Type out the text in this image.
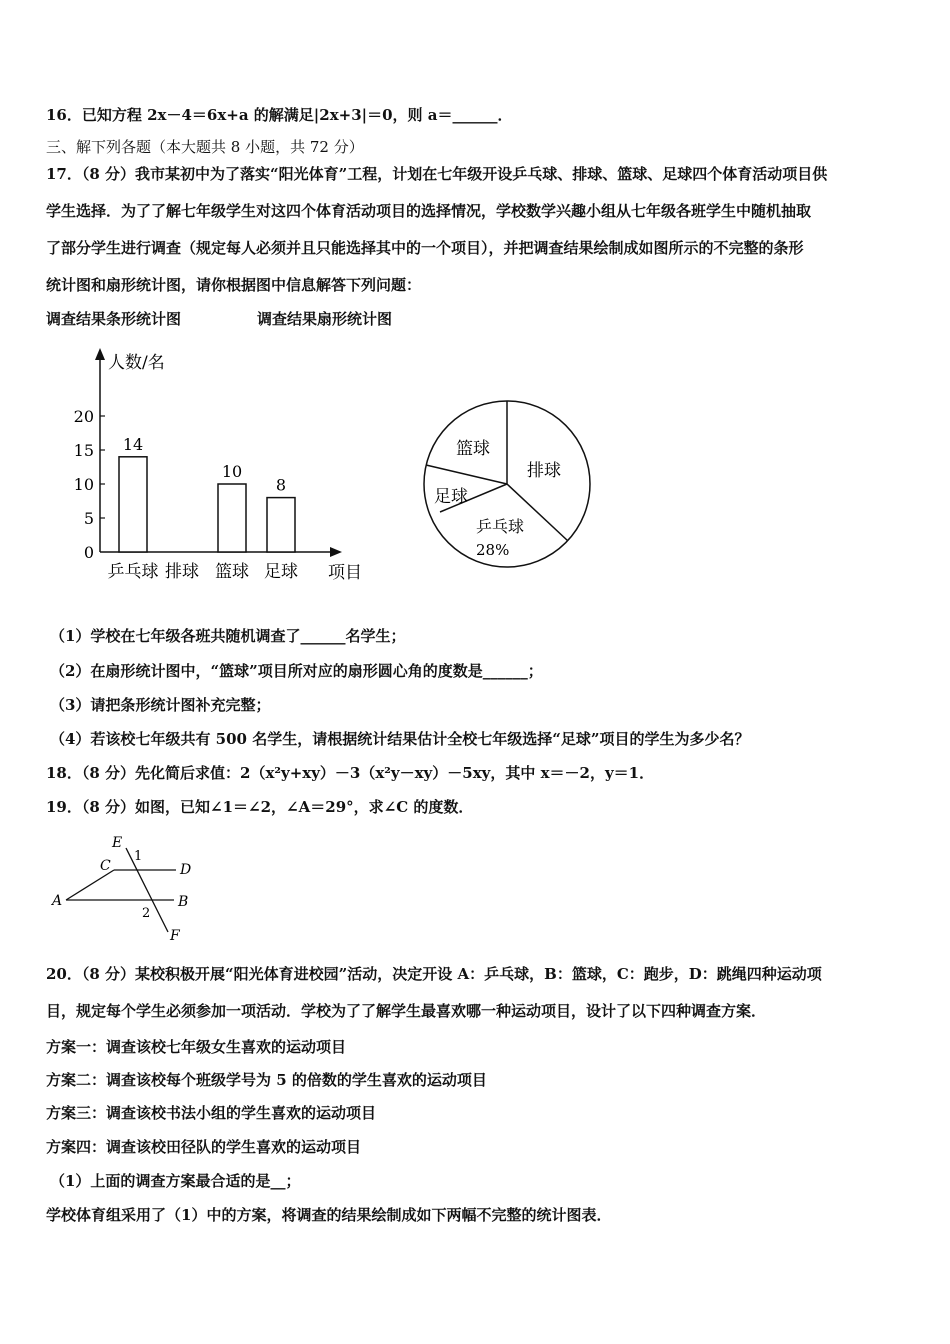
16．已知方程 2x－4＝6x+a 的解满足|2x+3|＝0，则 a＝______．
三、解下列各题（本大题共 8 小题，共 72 分）
17．（8 分）我市某初中为了落实“阳光体育”工程，计划在七年级开设乒乓球、排球、篮球、足球四个体育活动项目供
学生选择．为了了解七年级学生对这四个体育活动项目的选择情况，学校数学兴趣小组从七年级各班学生中随机抽取
了部分学生进行调查（规定每人必须并且只能选择其中的一个项目），并把调查结果绘制成如图所示的不完整的条形
统计图和扇形统计图，请你根据图中信息解答下列问题：
调查结果条形统计图	调查结果扇形统计图
人数/名
项目
0
5
10
15
20
14
乒乓球 排球
10
篮球
8
足球
排球
乒乓球
28%
足球
篮球
（1）学校在七年级各班共随机调查了______名学生；
（2）在扇形统计图中，“篮球”项目所对应的扇形圆心角的度数是______；
（3）请把条形统计图补充完整；
（4）若该校七年级共有 500 名学生，请根据统计结果估计全校七年级选择“足球”项目的学生为多少名？
18．（8 分）先化简后求值：2（x²y+xy）－3（x²y－xy）－5xy，其中 x＝－2，y＝1．
19．（8 分）如图，已知∠1＝∠2，∠A＝29°，求∠C 的度数．
E
C
1
D
A
2
B
F
20．（8 分）某校积极开展“阳光体育进校园”活动，决定开设 A：乒乓球，B：篮球，C：跑步，D：跳绳四种运动项
目，规定每个学生必须参加一项活动．学校为了了解学生最喜欢哪一种运动项目，设计了以下四种调查方案．
方案一：调查该校七年级女生喜欢的运动项目
方案二：调查该校每个班级学号为 5 的倍数的学生喜欢的运动项目
方案三：调查该校书法小组的学生喜欢的运动项目
方案四：调查该校田径队的学生喜欢的运动项目
（1）上面的调查方案最合适的是__；
学校体育组采用了（1）中的方案，将调查的结果绘制成如下两幅不完整的统计图表．
